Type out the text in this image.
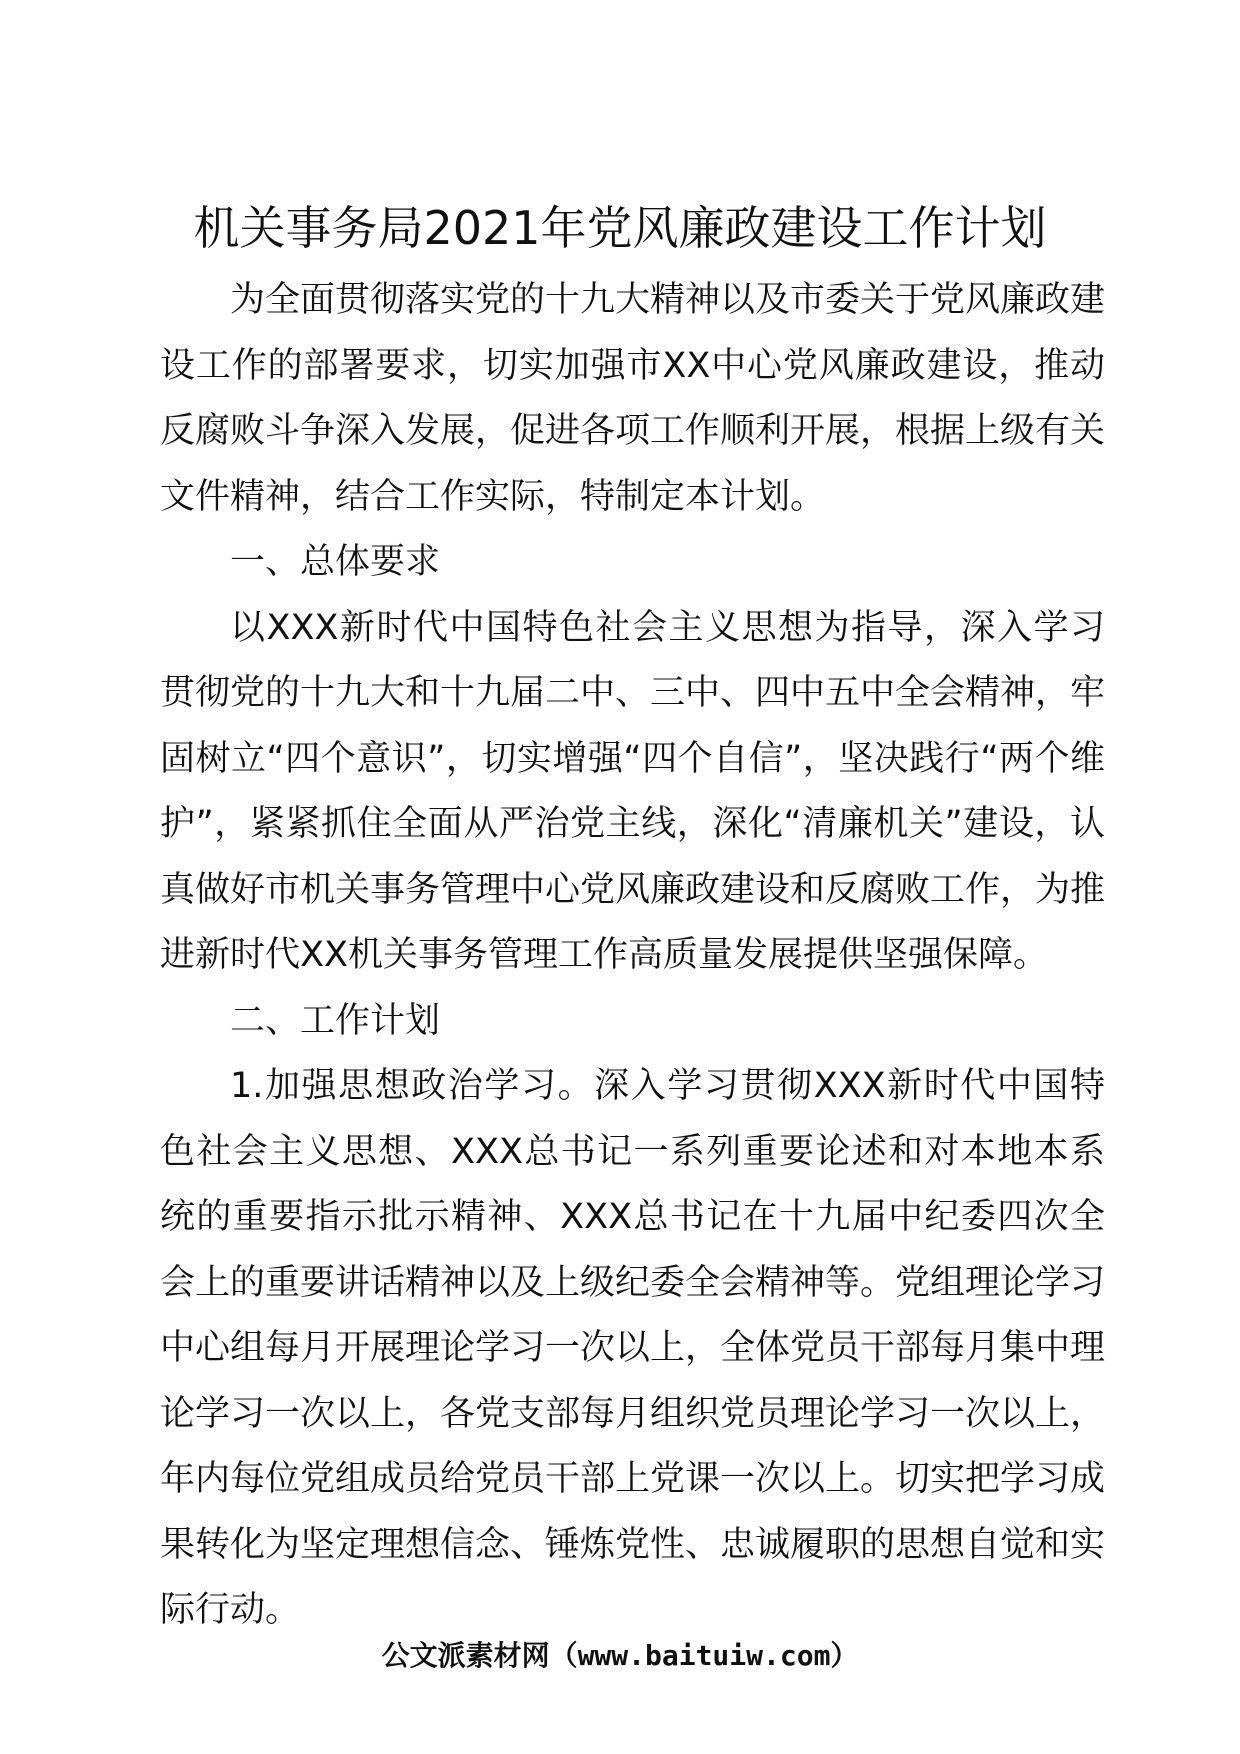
机关事务局2021年党风廉政建设工作计划

为全面贯彻落实党的十九大精神以及市委关于党风廉政建设工作的部署要求，切实加强市XX中心党风廉政建设，推动反腐败斗争深入发展，促进各项工作顺利开展，根据上级有关文件精神，结合工作实际，特制定本计划。

一、总体要求

以XXX新时代中国特色社会主义思想为指导，深入学习贯彻党的十九大和十九届二中、三中、四中五中全会精神，牢固树立“四个意识”，切实增强“四个自信”，坚决践行“两个维护”，紧紧抓住全面从严治党主线，深化“清廉机关”建设，认真做好市机关事务管理中心党风廉政建设和反腐败工作，为推进新时代XX机关事务管理工作高质量发展提供坚强保障。

二、工作计划

1.加强思想政治学习。深入学习贯彻XXX新时代中国特色社会主义思想、XXX总书记一系列重要论述和对本地本系统的重要指示批示精神、XXX总书记在十九届中纪委四次全会上的重要讲话精神以及上级纪委全会精神等。党组理论学习中心组每月开展理论学习一次以上，全体党员干部每月集中理论学习一次以上，各党支部每月组织党员理论学习一次以上，年内每位党组成员给党员干部上党课一次以上。切实把学习成果转化为坚定理想信念、锤炼党性、忠诚履职的思想自觉和实际行动。

公文派素材网（www.baituiw.com）
